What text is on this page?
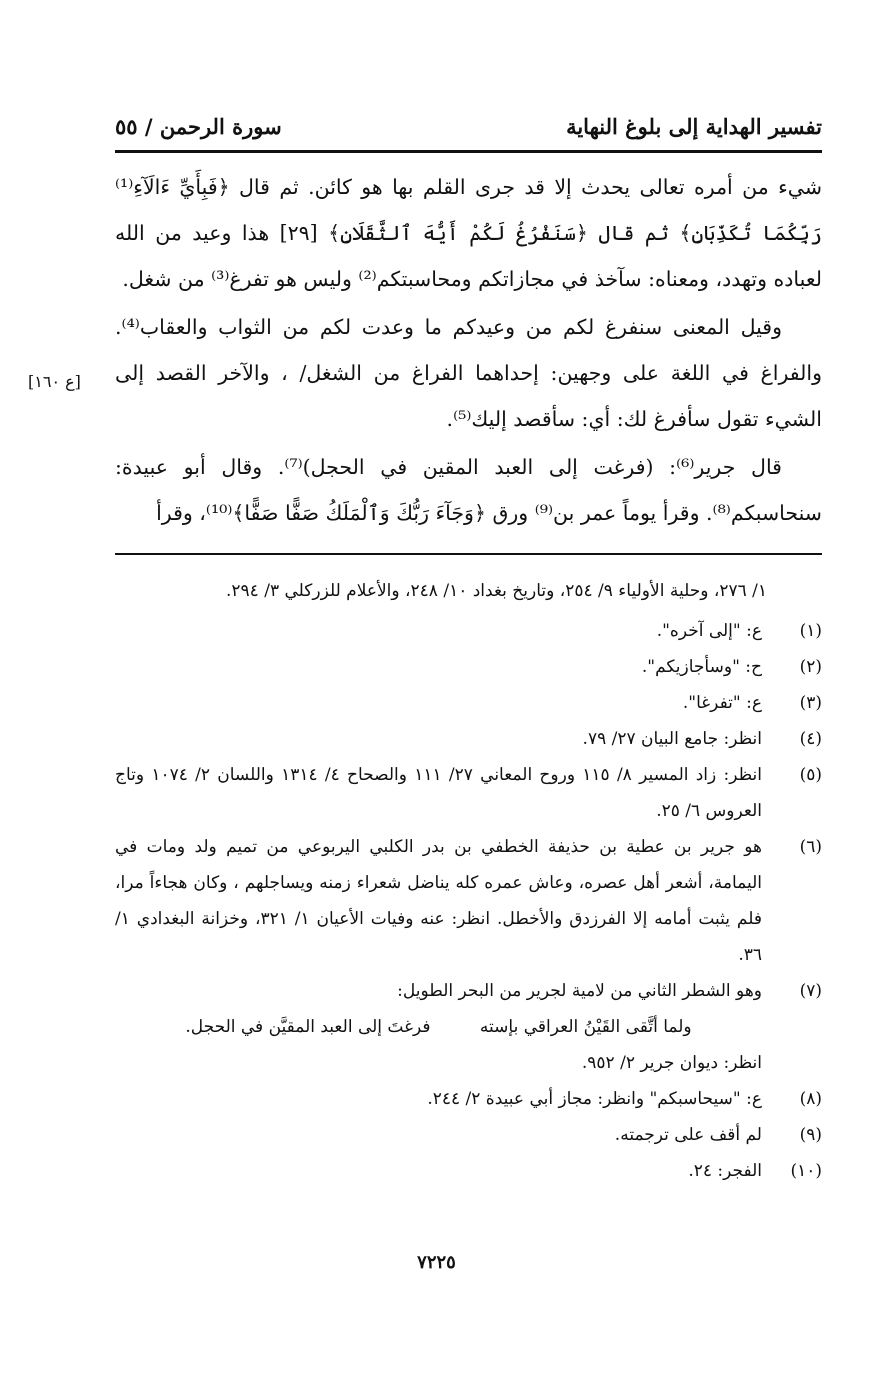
تفسير الهداية إلى بلوغ النهاية
سورة الرحمن / ٥٥

شيء من أمره تعالى يحدث إلا قد جرى القلم بها هو كائن. ثم قال ﴿فَبِأَيِّ ءَالَآءِ⁽¹⁾ رَبِّكُمَا تُكَذِّبَانِ﴾ ثم قال ﴿سَنَفْرُغُ لَكُمْ أَيُّهَ ٱلثَّقَلَانِ﴾ [٢٩] هذا وعيد من الله لعباده وتهدد، ومعناه: سآخذ في مجازاتكم ومحاسبتكم⁽²⁾ وليس هو تفرغ⁽³⁾ من شغل.

وقيل المعنى سنفرغ لكم من وعيدكم ما وعدت لكم من الثواب والعقاب⁽⁴⁾. والفراغ في اللغة على وجهين: إحداهما الفراغ من الشغل/ ، والآخر القصد إلى الشيء تقول سأفرغ لك: أي: سأقصد إليك⁽⁵⁾.

قال جرير⁽⁶⁾: (فرغت إلى العبد المقين في الحجل)⁽⁷⁾. وقال أبو عبيدة: سنحاسبكم⁽⁸⁾. وقرأ يوماً عمر بن⁽⁹⁾ ورق ﴿وَجَآءَ رَبُّكَ وَٱلْمَلَكُ صَفًّا صَفًّا﴾⁽¹⁰⁾، وقرأ

[ع ١٦٠]

١/ ٢٧٦، وحلية الأولياء ٩/ ٢٥٤، وتاريخ بغداد ١٠/ ٢٤٨، والأعلام للزركلي ٣/ ٢٩٤.

(١)
ع: "إلى آخره".
(٢)
ح: "وسأجازيكم".
(٣)
ع: "تفرغا".
(٤)
انظر: جامع البيان ٢٧/ ٧٩.
(٥)
انظر: زاد المسير ٨/ ١١٥ وروح المعاني ٢٧/ ١١١ والصحاح ٤/ ١٣١٤ واللسان ٢/ ١٠٧٤ وتاج العروس ٦/ ٢٥.
(٦)
هو جرير بن عطية بن حذيفة الخطفي بن بدر الكلبي اليربوعي من تميم ولد ومات في اليمامة، أشعر أهل عصره، وعاش عمره كله يناضل شعراء زمنه ويساجلهم ، وكان هجاءاً مرا، فلم يثبت أمامه إلا الفرزدق والأخطل. انظر: عنه وفيات الأعيان ١/ ٣٢١، وخزانة البغدادي ١/ ٣٦.
(٧)

وهو الشطر الثاني من لامية لجرير من البحر الطويل:

ولما أتَّقى القَيْنُ العراقي بإسته فرغتَ إلى العبد المقيَّن في الحجل.

انظر: ديوان جرير ٢/ ٩٥٢.

(٨)
ع: "سيحاسبكم" وانظر: مجاز أبي عبيدة ٢/ ٢٤٤.
(٩)
لم أقف على ترجمته.
(١٠)
الفجر: ٢٤.
٧٢٢٥
